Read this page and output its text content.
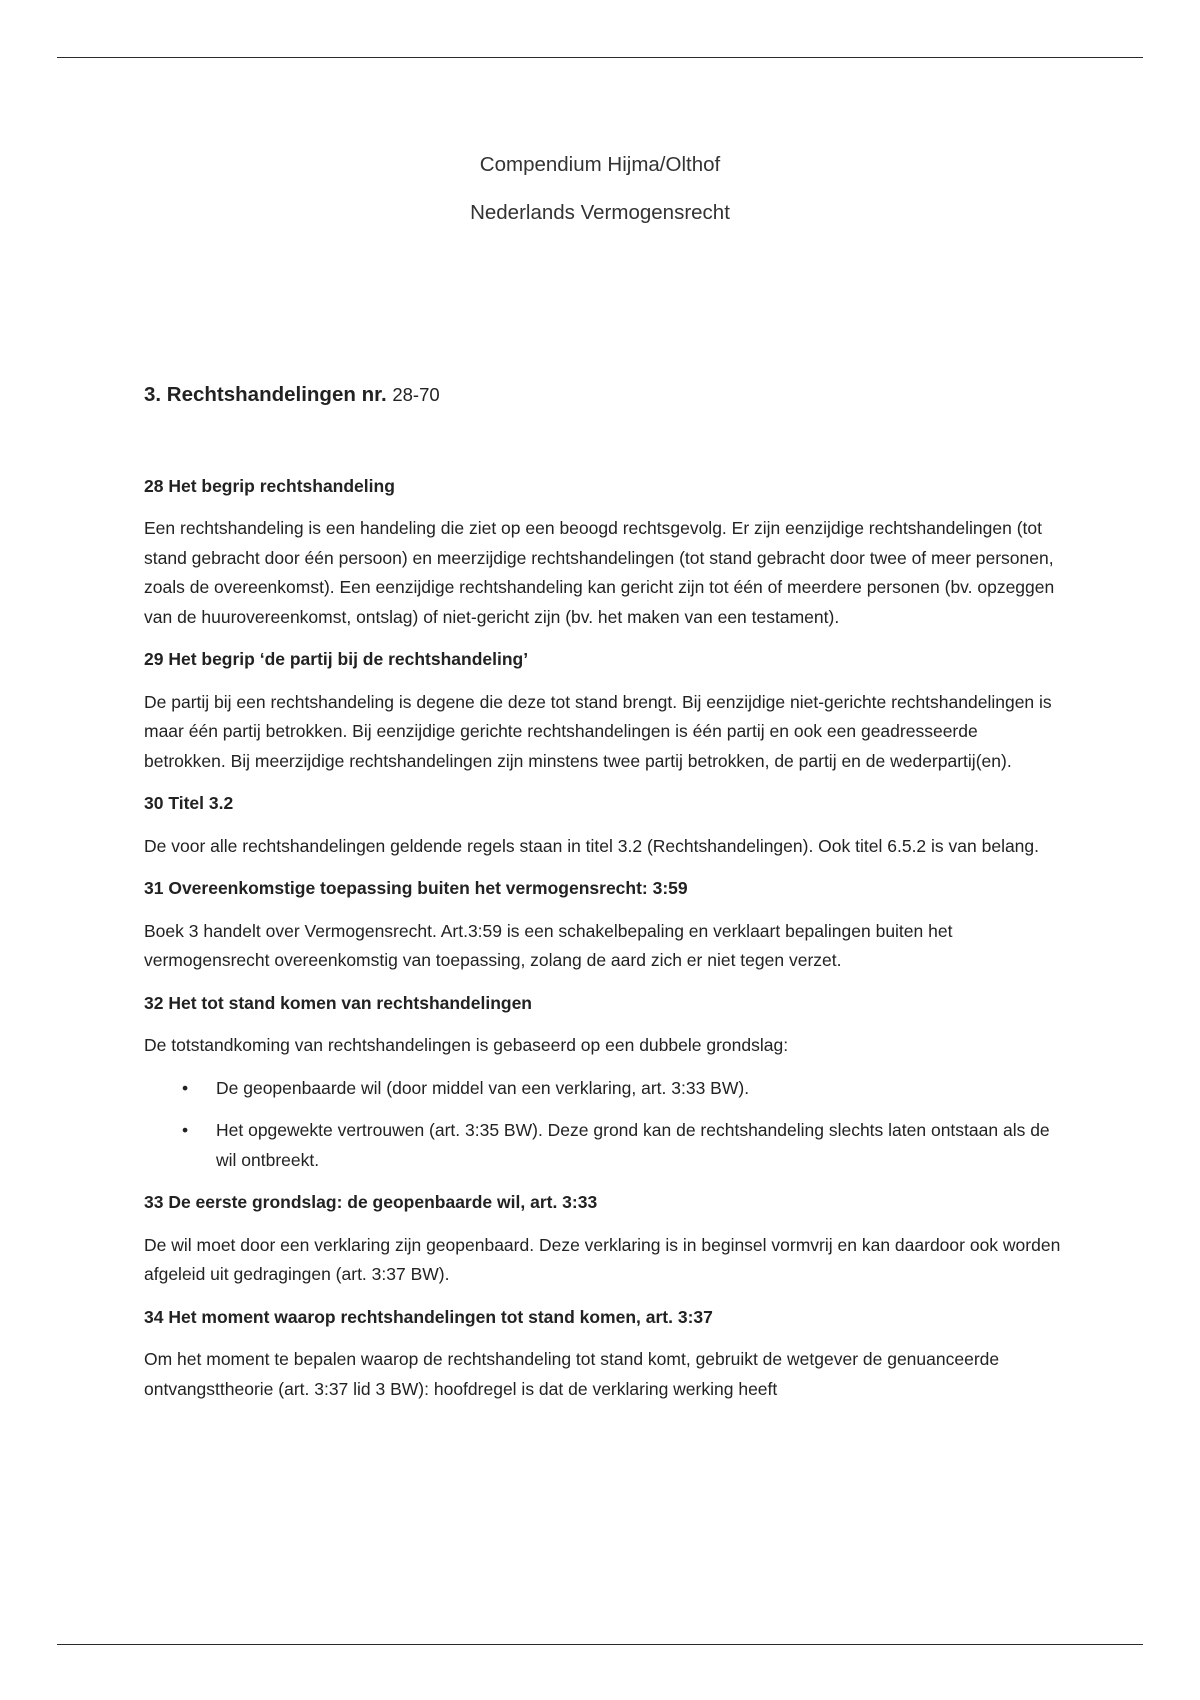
Compendium Hijma/Olthof
Nederlands Vermogensrecht
3. Rechtshandelingen nr. 28-70
28 Het begrip rechtshandeling
Een rechtshandeling is een handeling die ziet op een beoogd rechtsgevolg. Er zijn eenzijdige rechtshandelingen (tot stand gebracht door één persoon) en meerzijdige rechtshandelingen (tot stand gebracht door twee of meer personen, zoals de overeenkomst). Een eenzijdige rechtshandeling kan gericht zijn tot één of meerdere personen (bv. opzeggen van de huurovereenkomst, ontslag) of niet-gericht zijn (bv. het maken van een testament).
29 Het begrip ‘de partij bij de rechtshandeling’
De partij bij een rechtshandeling is degene die deze tot stand brengt. Bij eenzijdige niet-gerichte rechtshandelingen is maar één partij betrokken. Bij eenzijdige gerichte rechtshandelingen is één partij en ook een geadresseerde betrokken. Bij meerzijdige rechtshandelingen zijn minstens twee partij betrokken, de partij en de wederpartij(en).
30 Titel 3.2
De voor alle rechtshandelingen geldende regels staan in titel 3.2 (Rechtshandelingen). Ook titel 6.5.2 is van belang.
31 Overeenkomstige toepassing buiten het vermogensrecht: 3:59
Boek 3 handelt over Vermogensrecht. Art.3:59 is een schakelbepaling en verklaart bepalingen buiten het vermogensrecht overeenkomstig van toepassing, zolang de aard zich er niet tegen verzet.
32 Het tot stand komen van rechtshandelingen
De totstandkoming van rechtshandelingen is gebaseerd op een dubbele grondslag:
• De geopenbaarde wil (door middel van een verklaring, art. 3:33 BW).
• Het opgewekte vertrouwen (art. 3:35 BW). Deze grond kan de rechtshandeling slechts laten ontstaan als de wil ontbreekt.
33 De eerste grondslag: de geopenbaarde wil, art. 3:33
De wil moet door een verklaring zijn geopenbaard. Deze verklaring is in beginsel vormvrij en kan daardoor ook worden afgeleid uit gedragingen (art. 3:37 BW).
34 Het moment waarop rechtshandelingen tot stand komen, art. 3:37
Om het moment te bepalen waarop de rechtshandeling tot stand komt, gebruikt de wetgever de genuanceerde ontvangsttheorie (art. 3:37 lid 3 BW): hoofdregel is dat de verklaring werking heeft
